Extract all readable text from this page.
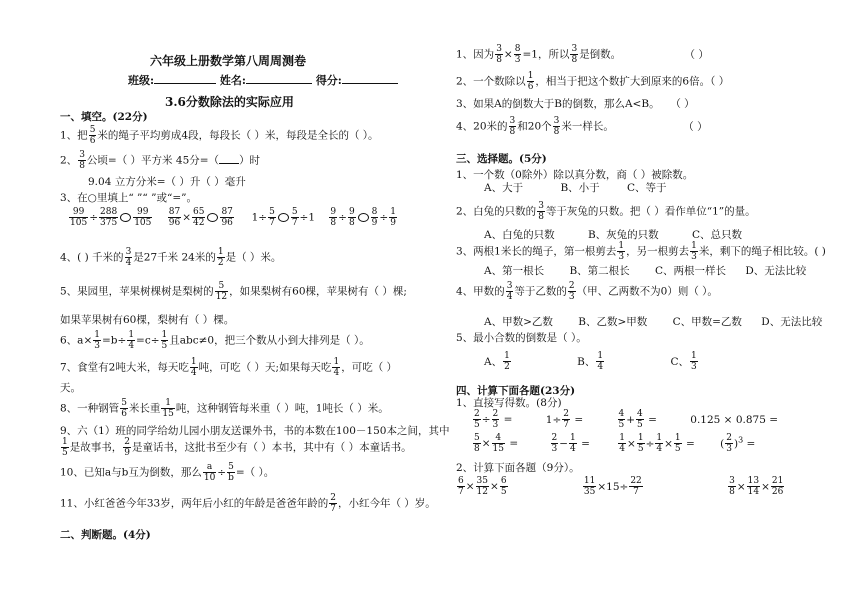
六年级上册数学第八周周测卷
班级:	姓名:	得分:
3.6分数除法的实际应用
一、填空。(22分)
1、把 $\frac{5}{6}$ 米的绳子平均剪成4段，每段长（ ）米，每段是全长的（ ）。
2、 $\frac{3}{8}$ 公顷=（ ）平方米 45分=（ ）时
9.04 立方分米=（ ）升（ ）毫升
3、在○里填上“ ”“ ”或“=”。
$\frac{99}{105} \div \frac{288}{375} \frac{99}{105}$
$\frac{87}{96} \times \frac{65}{42} \frac{87}{96} 1\div \frac{5}{7} \frac{5}{7} \div 1 \frac{9}{8} \div \frac{9}{8} \frac{8}{9} \div \frac{1}{9}$
4、( ) 千米的 $\frac{3}{4}$ 是27千米 24米的 $\frac{1}{2}$ 是（ ）米。
5、果园里，苹果树棵树是梨树的 $\frac{5}{12}$ ，如果梨树有60棵，苹果树有（ ）棵;
如果苹果树有60棵，梨树有（ ）棵。
6、$a\times \frac{1}{3} =b\div \frac{1}{4} =c\div \frac{1}{5}$ 且abc≠0，把三个数从小到大排列是（ ）。
7、食堂有2吨大米，每天吃 $\frac{1}{4}$ 吨，可吃（ ）天;如果每天吃 $\frac{1}{4}$ ，可吃（ ）
天。
8、一种钢管 $\frac{5}{6}$ 米长重 $\frac{1}{15}$ 吨，这种钢管每米重（ ）吨，1吨长（ ）米。
9、六（1）班的同学给幼儿园小朋友送课外书，书的本数在100－150本之间，其中
$\frac{1}{5}$ 是故事书， $\frac{2}{9}$ 是童话书，这批书至少有（ ）本书，其中有（ ）本童话书。
10、已知a与b互为倒数，那么 $\frac{a}{10} \div \frac{5}{b}$ =（ ）。
11、小红爸爸今年33岁，两年后小红的年龄是爸爸年龄的 $\frac{2}{7}$ ，小红今年（ ）岁。
二、判断题。(4分)
1、因为 $\frac{3}{8} \times \frac{8}{3} =1$，所以 $\frac{3}{8}$ 是倒数。	（ ）
2、一个数除以 $\frac{1}{6}$ ，相当于把这个数扩大到原来的6倍。（ ）
3、如果A的倒数大于B的倒数，那么A<B。 （ ）
4、20米的 $\frac{3}{8}$ 和20个 $\frac{3}{8}$ 米一样长。	（ ）
三、选择题。(5分)
1、一个数（0除外）除以真分数，商（ ）被除数。
A、大于	B、小于	C、等于
2、白兔的只数的 $\frac{3}{8}$ 等于灰兔的只数。把（ ）看作单位“1”的量。
A、白兔的只数	B、灰兔的只数	C、总只数
3、两根1米长的绳子，第一根剪去 $\frac{1}{3}$ ，另一根剪去 $\frac{1}{3}$ 米，剩下的绳子相比较。( )
A、第一根长 B、第二根长 C、两根一样长 D、无法比较
4、甲数的 $\frac{3}{4}$ 等于乙数的 $\frac{2}{3}$ （甲、乙两数不为0）则（ ）。
A、甲数>乙数 B、乙数>甲数 C、甲数=乙数 D、无法比较
5、最小合数的倒数是（ ）。
A、 $\frac{1}{2}$	B、 $\frac{1}{4}$	C、 $\frac{1}{3}$
四、计算下面各题(23分)
1、直接写得数。(8分)
$\frac{2}{5} \div \frac{2}{3}$ =	$1\div \frac{2}{7}$ =	$\frac{4}{5} + \frac{4}{5}$ =	0.125 × 0.875 =
$\frac{5}{8} \times \frac{4}{15}$ =	$\frac{2}{3} - \frac{1}{4}$ =	$\frac{1}{4} \times \frac{1}{5} \div \frac{1}{4} \times \frac{1}{5}$ = ( $\frac{2}{3} )^3$ =
2、计算下面各题（9分）。
$\frac{6}{7} \times \frac{35}{12} \times \frac{6}{5}$
	$\frac{11}{35} \times 15\div \frac{22}{7}$
	$\frac{3}{8} \times \frac{13}{14} \times \frac{21}{26}$
